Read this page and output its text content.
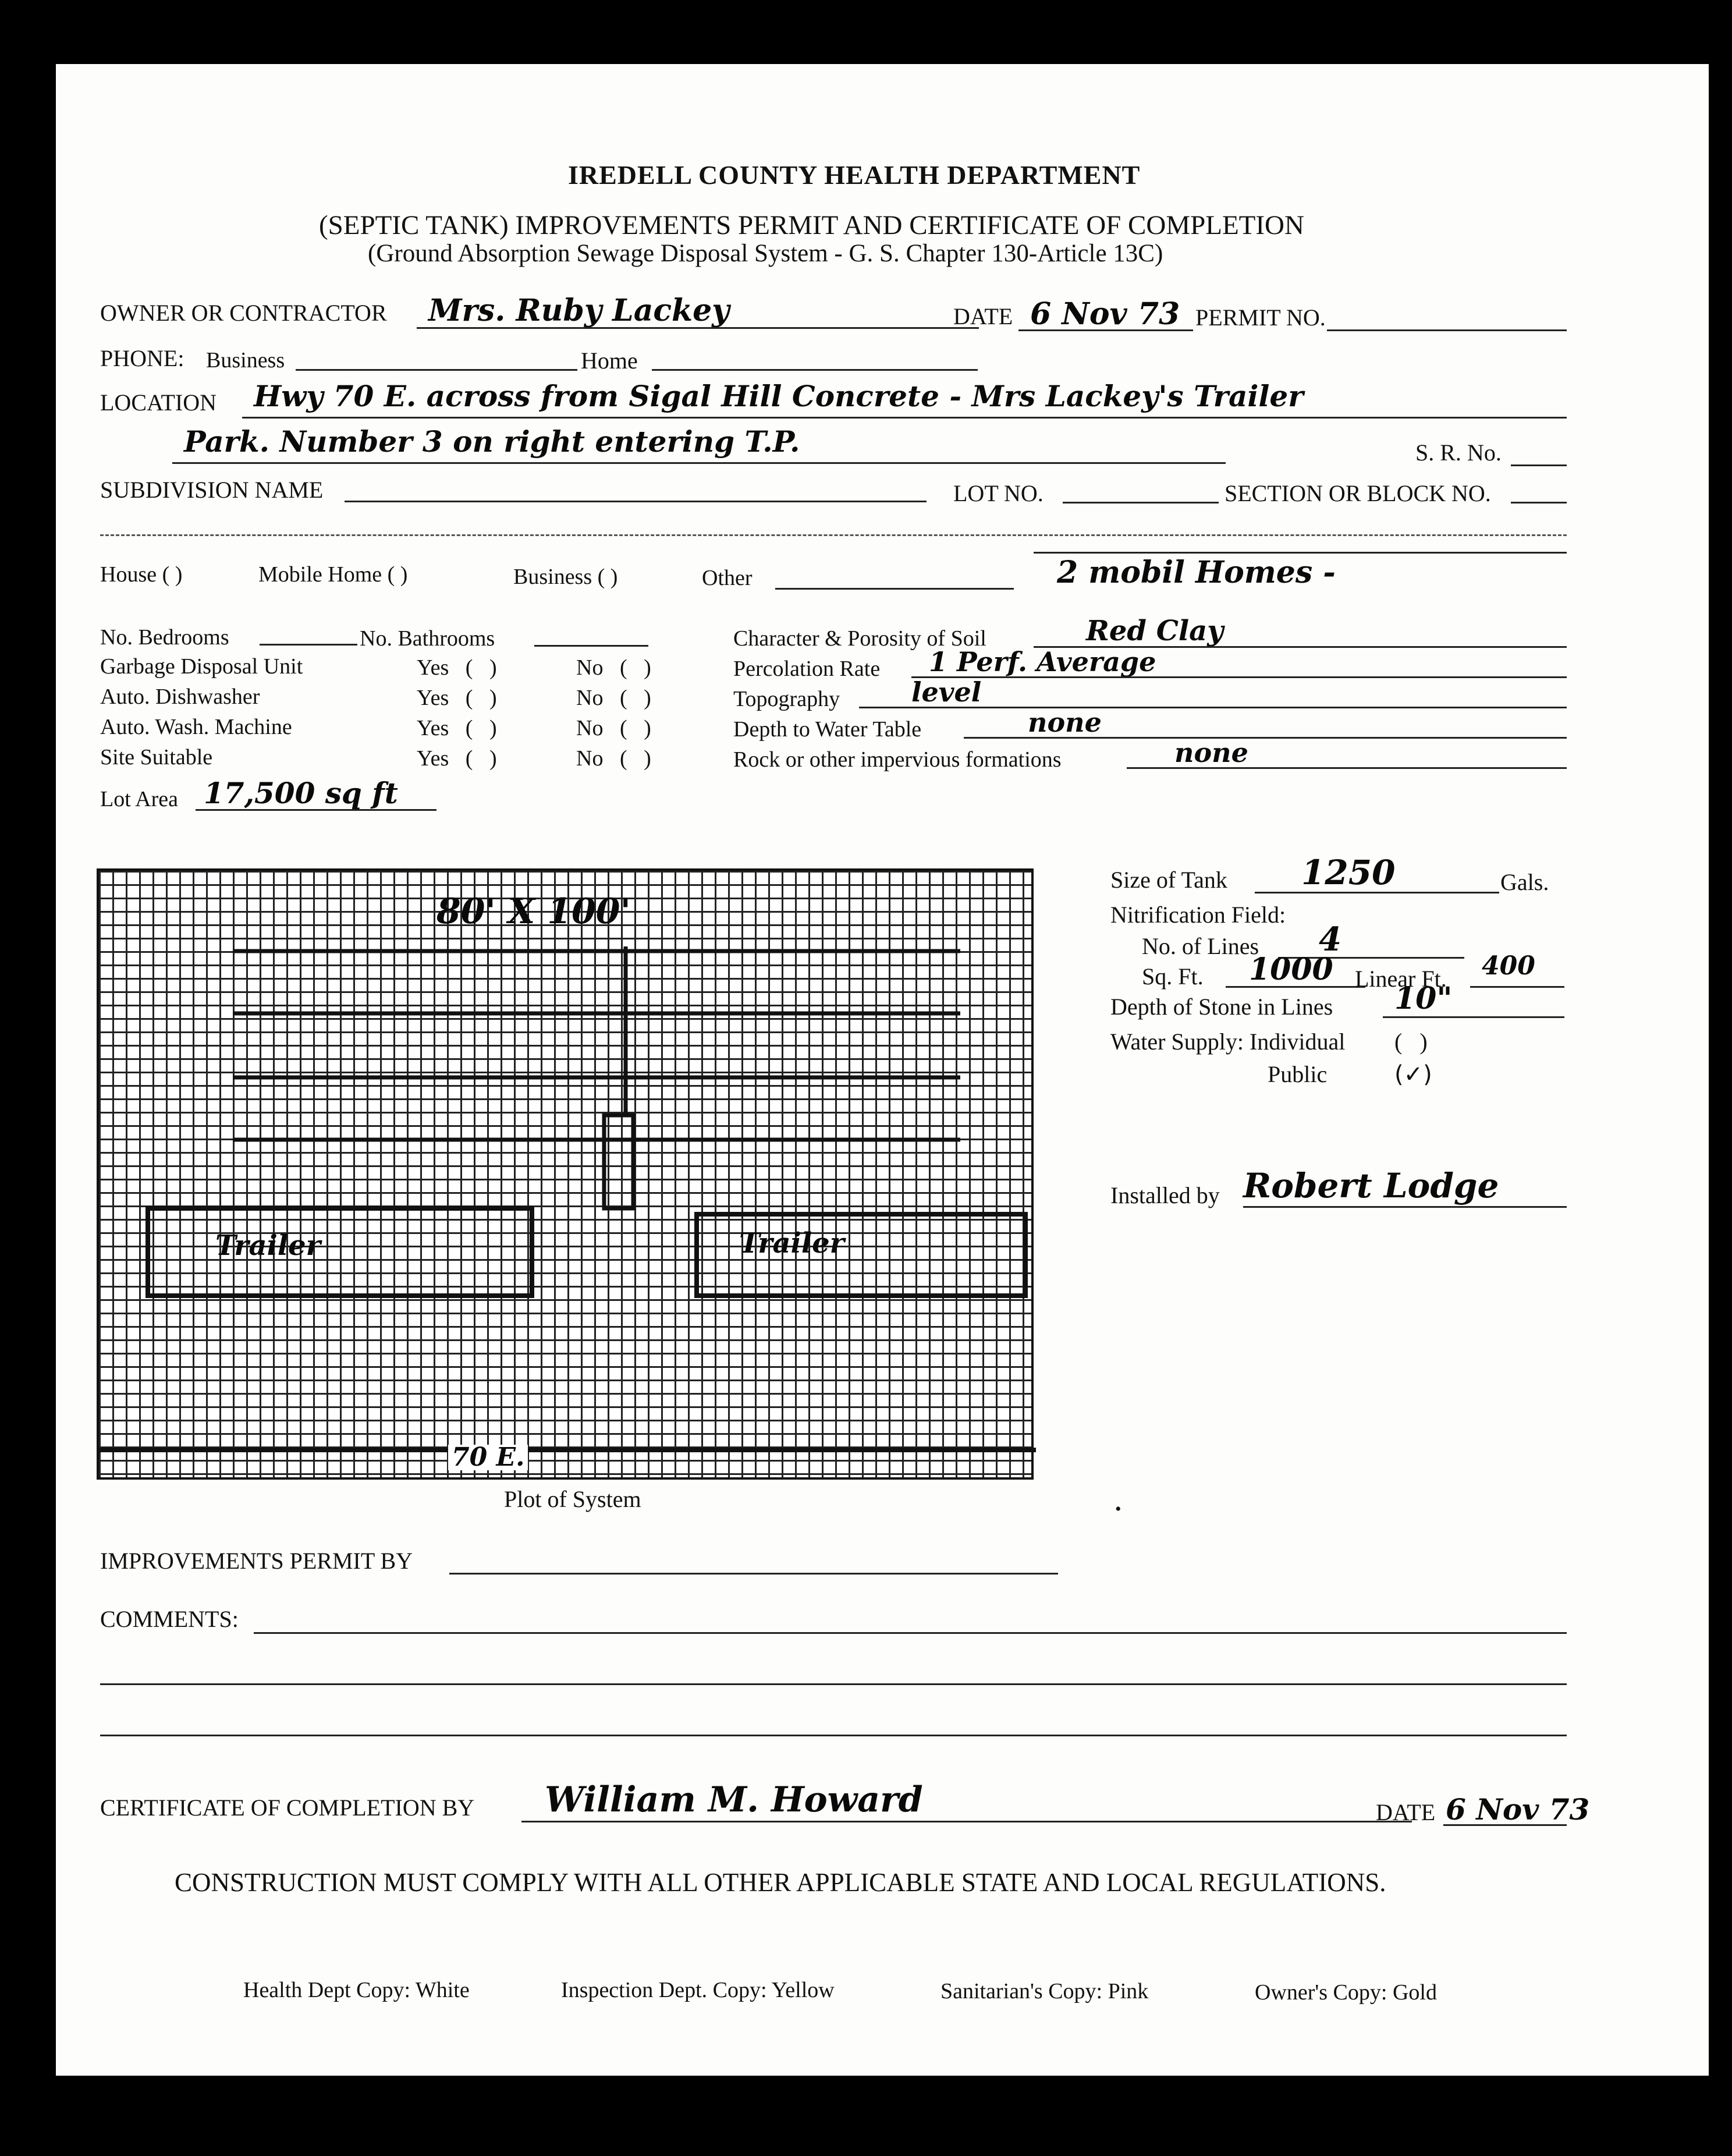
IREDELL COUNTY HEALTH DEPARTMENT
(SEPTIC TANK) IMPROVEMENTS PERMIT AND CERTIFICATE OF COMPLETION
(Ground Absorption Sewage Disposal System - G. S. Chapter 130-Article 13C)
OWNER OR CONTRACTOR Mrs. Ruby Lackey	DATE 6 Nov 73 PERMIT NO.
PHONE: Business	Home
LOCATION Hwy 70 E. across from Sigal Hill Concrete - Mrs Lackey's Trailer
Park. Number 3 on right entering T.P.	S. R. No.
SUBDIVISION NAME	LOT NO.	SECTION OR BLOCK NO.
House ( )	Mobile Home ( )	Business ( )	Other	2 mobil Homes -
No. Bedrooms	No. Bathrooms
Garbage Disposal Unit	Yes   (   )	No   (   )
Auto. Dishwasher	Yes   (   )	No   (   )
Auto. Wash. Machine	Yes   (   )	No   (   )
Site Suitable	Yes   (   )	No   (   )
Lot Area 17,500 sq ft
Character & Porosity of Soil	Red Clay
Percolation Rate 1 Perf. Average
Topography	level
Depth to Water Table	none
Rock or other impervious formations	none
80' X 100'
Trailer	Trailer
70 E.
Plot of System
Size of Tank 1250	Gals.
Nitrification Field:
No. of Lines 4
Sq. Ft. 1000 Linear Ft. 400
Depth of Stone in Lines 10"
Water Supply: Individual (   )
Public	(✓)
Installed by Robert Lodge
•
IMPROVEMENTS PERMIT BY
COMMENTS:
CERTIFICATE OF COMPLETION BY William M. Howard	DATE 6 Nov 73
CONSTRUCTION MUST COMPLY WITH ALL OTHER APPLICABLE STATE AND LOCAL REGULATIONS.
Health Dept Copy: White	Inspection Dept. Copy: Yellow	Sanitarian's Copy: Pink	Owner's Copy: Gold
